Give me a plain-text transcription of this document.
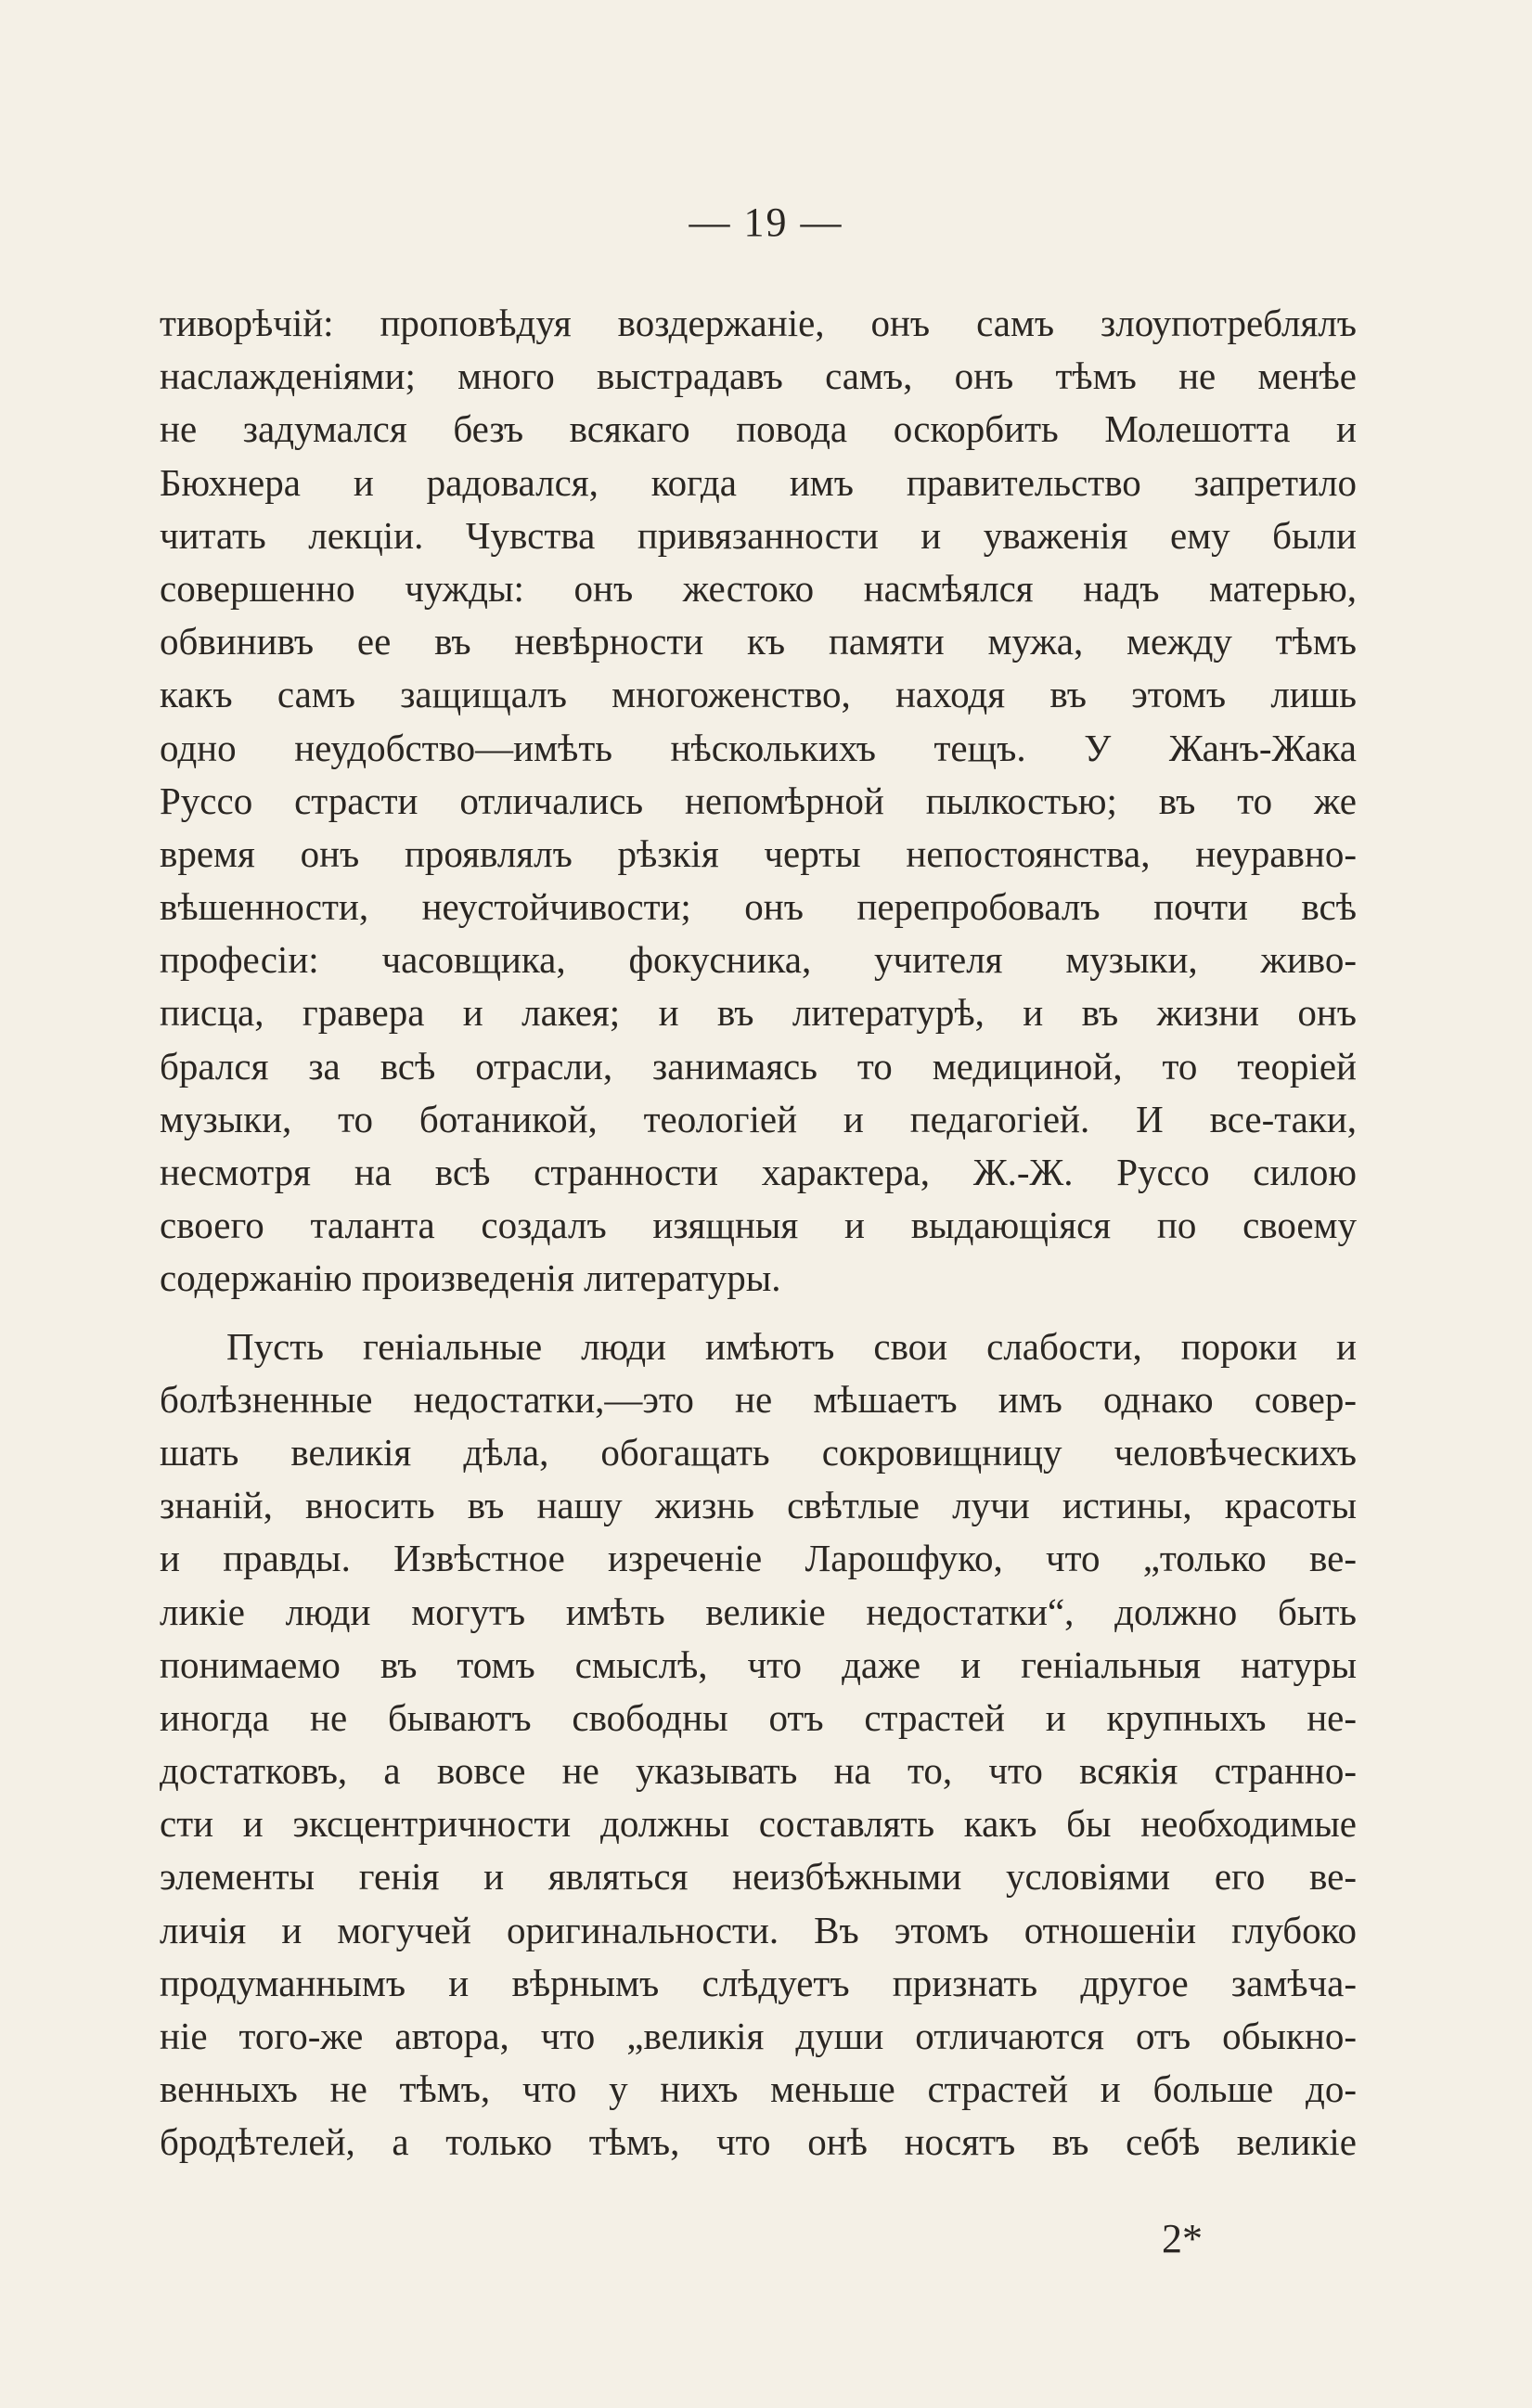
— 19 —
тиворѣчій: проповѣдуя воздержаніе, онъ самъ злоупотреблялъ
наслажденіями; много выстрадавъ самъ, онъ тѣмъ не менѣе
не задумался безъ всякаго повода оскорбить Молешотта и
Бюхнера и радовался, когда имъ правительство запретило
читать лекціи. Чувства привязанности и уваженія ему были
совершенно чужды: онъ жестоко насмѣялся надъ матерью,
обвинивъ ее въ невѣрности къ памяти мужа, между тѣмъ
какъ самъ защищалъ многоженство, находя въ этомъ лишь
одно неудобство—имѣть нѣсколькихъ тещъ. У Жанъ-Жака
Руссо страсти отличались непомѣрной пылкостью; въ то же
время онъ проявлялъ рѣзкія черты непостоянства, неуравно-
вѣшенности, неустойчивости; онъ перепробовалъ почти всѣ
професіи: часовщика, фокусника, учителя музыки, живо-
писца, гравера и лакея; и въ литературѣ, и въ жизни онъ
брался за всѣ отрасли, занимаясь то медициной, то теоріей
музыки, то ботаникой, теологіей и педагогіей. И все-таки,
несмотря на всѣ странности характера, Ж.-Ж. Руссо силою
своего таланта создалъ изящныя и выдающіяся по своему
содержанію произведенія литературы.
Пусть геніальные люди имѣютъ свои слабости, пороки и
болѣзненные недостатки,—это не мѣшаетъ имъ однако совер-
шать великія дѣла, обогащать сокровищницу человѣческихъ
знаній, вносить въ нашу жизнь свѣтлые лучи истины, красоты
и правды. Извѣстное изреченіе Ларошфуко, что „только ве-
ликіе люди могутъ имѣть великіе недостатки“, должно быть
понимаемо въ томъ смыслѣ, что даже и геніальныя натуры
иногда не бываютъ свободны отъ страстей и крупныхъ не-
достатковъ, а вовсе не указывать на то, что всякія странно-
сти и эксцентричности должны составлять какъ бы необходимые
элементы генія и являться неизбѣжными условіями его ве-
личія и могучей оригинальности. Въ этомъ отношеніи глубоко
продуманнымъ и вѣрнымъ слѣдуетъ признать другое замѣча-
ніе того-же автора, что „великія души отличаются отъ обыкно-
венныхъ не тѣмъ, что у нихъ меньше страстей и больше до-
бродѣтелей, а только тѣмъ, что онѣ носятъ въ себѣ великіе
2*
